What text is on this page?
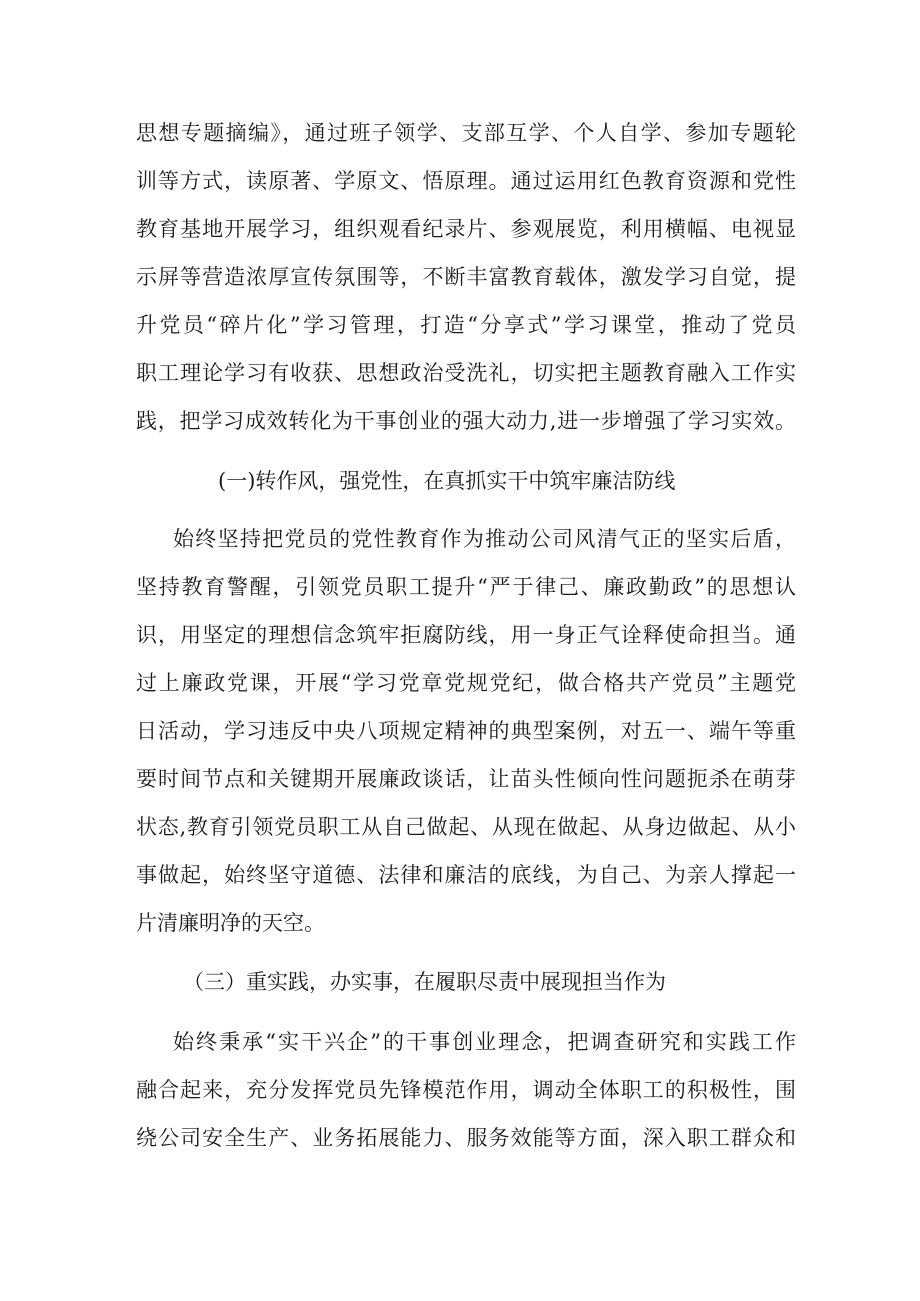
思想专题摘编》，通过班子领学、支部互学、个人自学、参加专题轮
训等方式，读原著、学原文、悟原理。通过运用红色教育资源和党性
教育基地开展学习，组织观看纪录片、参观展览，利用横幅、电视显
示屏等营造浓厚宣传氛围等，不断丰富教育载体，激发学习自觉，提
升党员“碎片化”学习管理，打造“分享式”学习课堂，推动了党员
职工理论学习有收获、思想政治受洗礼，切实把主题教育融入工作实
践，把学习成效转化为干事创业的强大动力,进一步增强了学习实效。
(一)转作风，强党性，在真抓实干中筑牢廉洁防线
始终坚持把党员的党性教育作为推动公司风清气正的坚实后盾，
坚持教育警醒，引领党员职工提升“严于律己、廉政勤政”的思想认
识，用坚定的理想信念筑牢拒腐防线，用一身正气诠释使命担当。通
过上廉政党课，开展“学习党章党规党纪，做合格共产党员”主题党
日活动，学习违反中央八项规定精神的典型案例，对五一、端午等重
要时间节点和关键期开展廉政谈话，让苗头性倾向性问题扼杀在萌芽
状态,教育引领党员职工从自己做起、从现在做起、从身边做起、从小
事做起，始终坚守道德、法律和廉洁的底线，为自己、为亲人撑起一
片清廉明净的天空。
（三）重实践，办实事，在履职尽责中展现担当作为
始终秉承“实干兴企”的干事创业理念，把调查研究和实践工作
融合起来，充分发挥党员先锋模范作用，调动全体职工的积极性，围
绕公司安全生产、业务拓展能力、服务效能等方面，深入职工群众和
